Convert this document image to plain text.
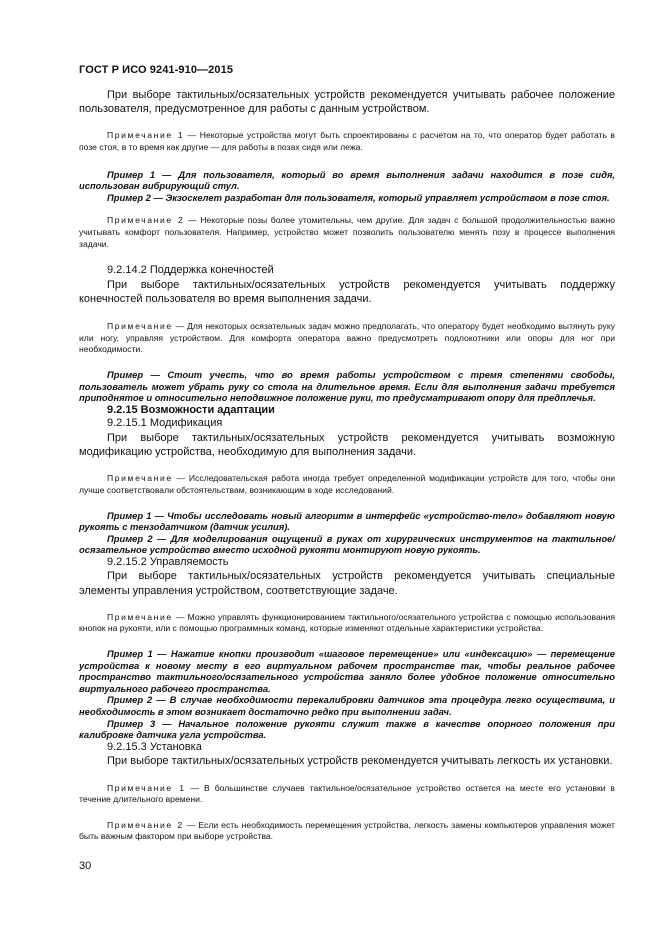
ГОСТ Р ИСО 9241-910—2015

При выборе тактильных/осязательных устройств рекомендуется учитывать рабочее положение пользователя, предусмотренное для работы с данным устройством.

Примечание 1 — Некоторые устройства могут быть спроектированы с расчетом на то, что оператор будет работать в позе стоя, в то время как другие — для работы в позах сидя или лежа.

Пример 1 — Для пользователя, который во время выполнения задачи находится в позе сидя, использован вибрирующий стул.

Пример 2 — Экзоскелет разработан для пользователя, который управляет устройством в позе стоя.

Примечание 2 — Некоторые позы более утомительны, чем другие. Для задач с большой продолжительностью важно учитывать комфорт пользователя. Например, устройство может позволить пользователю менять позу в процессе выполнения задачи.

9.2.14.2 Поддержка конечностей

При выборе тактильных/осязательных устройств рекомендуется учитывать поддержку конечностей пользователя во время выполнения задачи.

Примечание — Для некоторых осязательных задач можно предполагать, что оператору будет необходимо вытянуть руку или ногу, управляя устройством. Для комфорта оператора важно предусмотреть подлокотники или опоры для ног при необходимости.

Пример — Стоит учесть, что во время работы устройством с тремя степенями свободы, пользователь может убрать руку со стола на длительное время. Если для выполнения задачи требуется приподнятое и относительно неподвижное положение руки, то предусматривают опору для предплечья.

9.2.15 Возможности адаптации

9.2.15.1 Модификация

При выборе тактильных/осязательных устройств рекомендуется учитывать возможную модификацию устройства, необходимую для выполнения задачи.

Примечание — Исследовательская работа иногда требует определенной модификации устройств для того, чтобы они лучше соответствовали обстоятельствам, возникающим в ходе исследований.

Пример 1 — Чтобы исследовать новый алгоритм в интерфейс «устройство-тело» добавляют новую рукоять с тензодатчиком (датчик усилия).

Пример 2 — Для моделирования ощущений в руках от хирургических инструментов на тактильное/осязательное устройство вместо исходной рукояти монтируют новую рукоять.

9.2.15.2 Управляемость

При выборе тактильных/осязательных устройств рекомендуется учитывать специальные элементы управления устройством, соответствующие задаче.

Примечание — Можно управлять функционированием тактильного/осязательного устройства с помощью использования кнопок на рукояти, или с помощью программных команд, которые изменяют отдельные характеристики устройства.

Пример 1 — Нажатие кнопки производит «шаговое перемещение» или «индексацию» — перемещение устройства к новому месту в его виртуальном рабочем пространстве так, чтобы реальное рабочее пространство тактильного/осязательного устройства заняло более удобное положение относительно виртуального рабочего пространства.

Пример 2 — В случае необходимости перекалибровки датчиков эта процедура легко осуществима, и необходимость в этом возникает достаточно редко при выполнении задач.

Пример 3 — Начальное положение рукояти служит также в качестве опорного положения при калибровке датчика угла устройства.

9.2.15.3 Установка

При выборе тактильных/осязательных устройств рекомендуется учитывать легкость их установки.

Примечание 1 — В большинстве случаев тактильное/осязательное устройство остается на месте его установки в течение длительного времени.

Примечание 2 — Если есть необходимость перемещения устройства, легкость замены компьютеров управления может быть важным фактором при выборе устройства.

30
